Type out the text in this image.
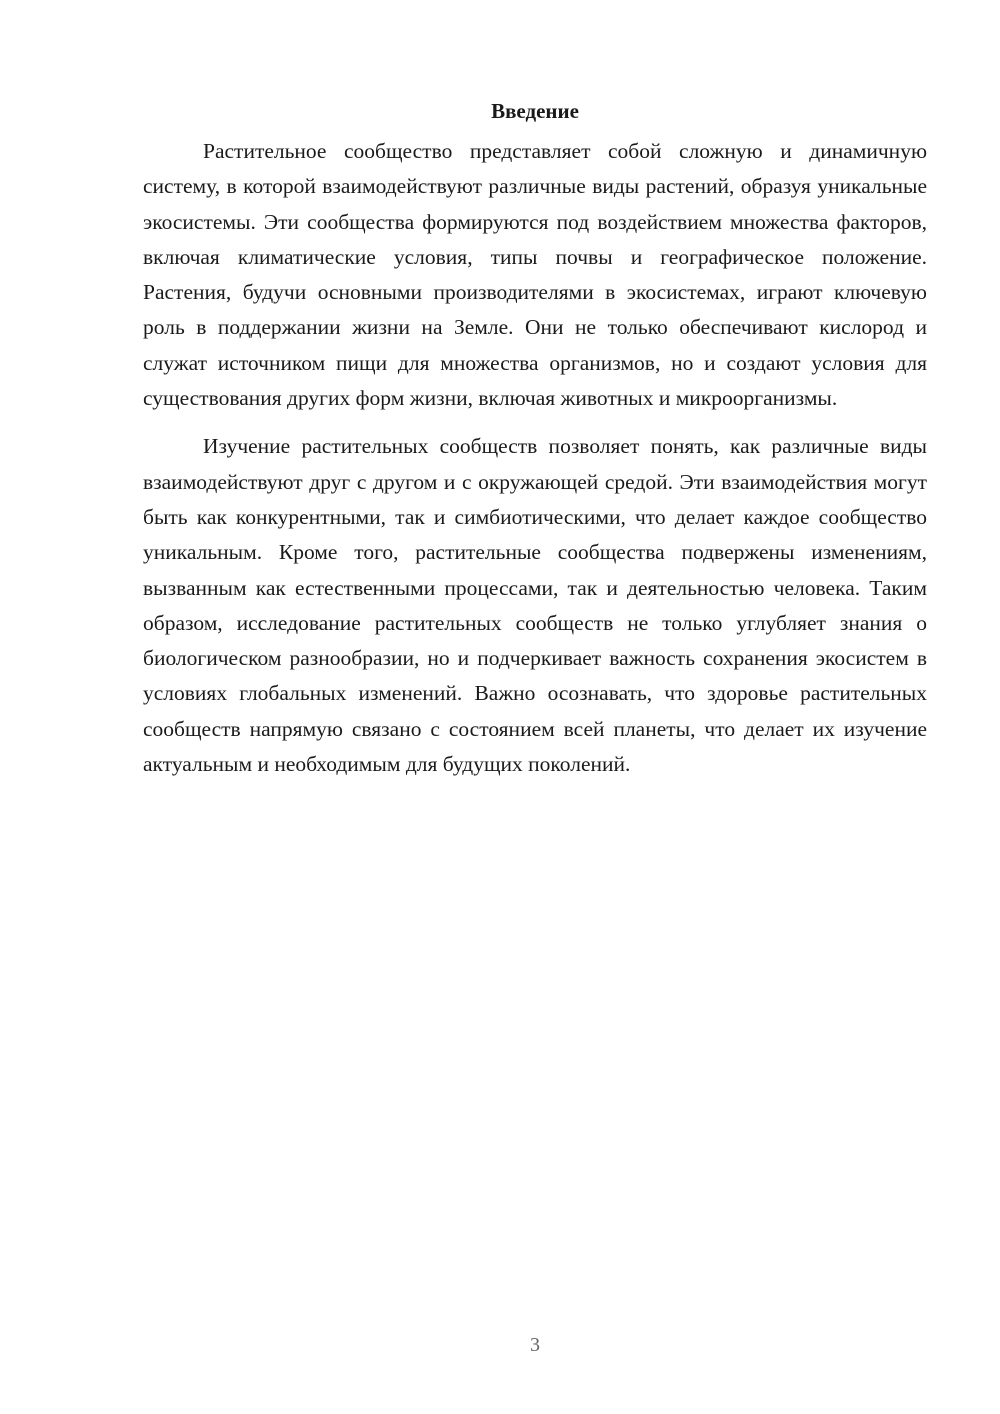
Введение

Растительное сообщество представляет собой сложную и динамичную систему, в которой взаимодействуют различные виды растений, образуя уникальные экосистемы. Эти сообщества формируются под воздействием множества факторов, включая климатические условия, типы почвы и географическое положение. Растения, будучи основными производителями в экосистемах, играют ключевую роль в поддержании жизни на Земле. Они не только обеспечивают кислород и служат источником пищи для множества организмов, но и создают условия для существования других форм жизни, включая животных и микроорганизмы.

Изучение растительных сообществ позволяет понять, как различные виды взаимодействуют друг с другом и с окружающей средой. Эти взаимодействия могут быть как конкурентными, так и симбиотическими, что делает каждое сообщество уникальным. Кроме того, растительные сообщества подвержены изменениям, вызванным как естественными процессами, так и деятельностью человека. Таким образом, исследование растительных сообществ не только углубляет знания о биологическом разнообразии, но и подчеркивает важность сохранения экосистем в условиях глобальных изменений. Важно осознавать, что здоровье растительных сообществ напрямую связано с состоянием всей планеты, что делает их изучение актуальным и необходимым для будущих поколений.

3
